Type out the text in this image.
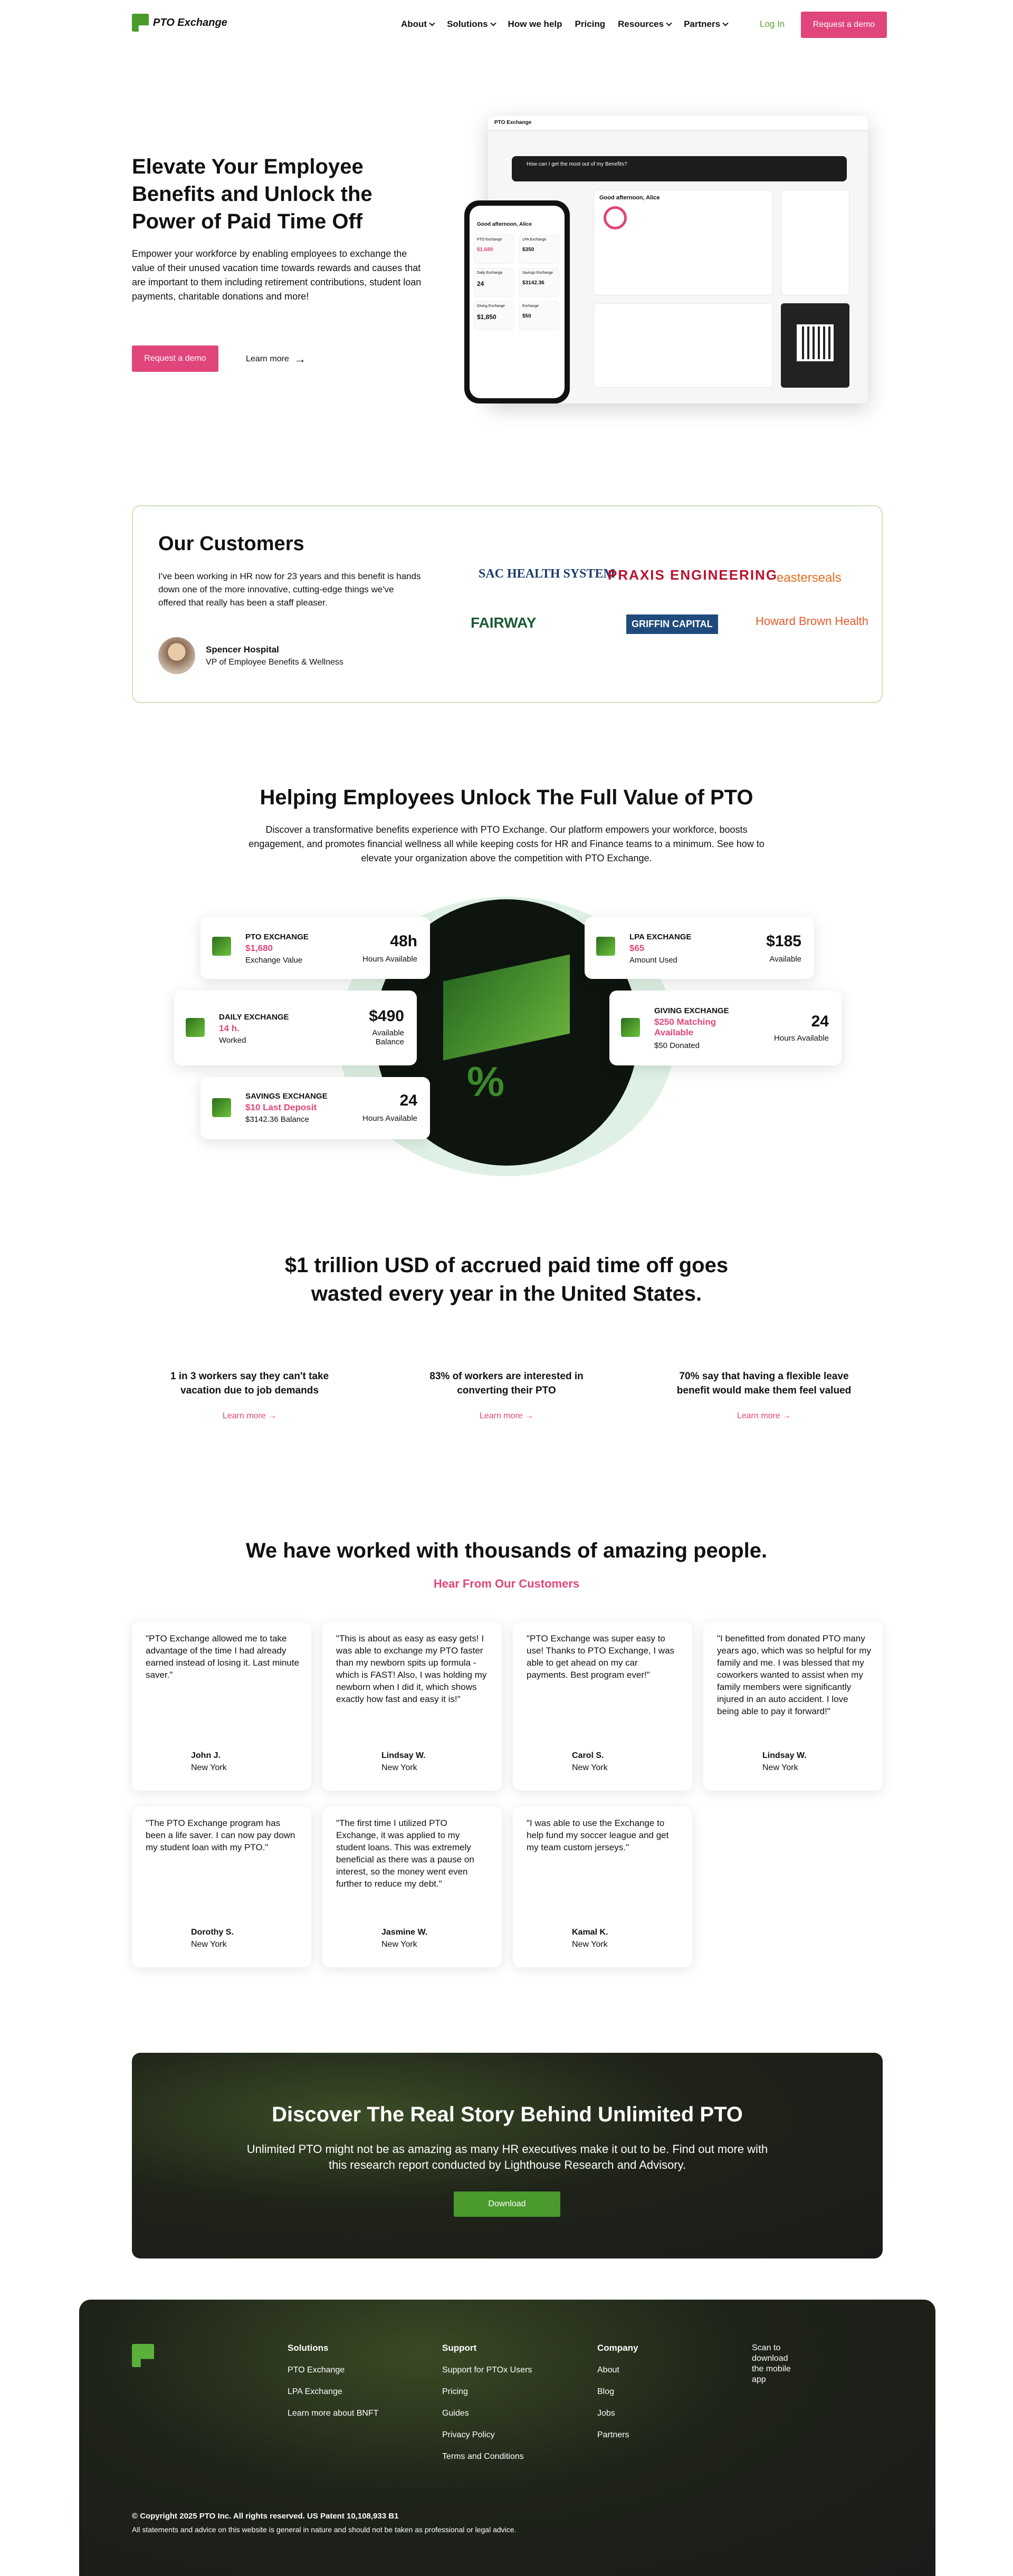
PTO Exchange	About Solutions How we help Pricing Resources Partners	Log In	Request a demo
Elevate Your Employee Benefits and Unlock the Power of Paid Time Off
Empower your workforce by enabling employees to exchange the value of their unused vacation time towards rewards and causes that are important to them including retirement contributions, student loan payments, charitable donations and more!
Request a demo	Learn more →
PTO Exchange
How can I get the most out of my Benefits?
Good afternoon, Alice
Good afternoon, Alice
PTO Exchange
$1,680
LPA Exchange
$350
Daily Exchange
24
Savings Exchange
$3142.36
Giving Exchange
$1,850
Exchange
$50
Our Customers
I've been working in HR now for 23 years and this benefit is hands down one of the more innovative, cutting-edge things we've offered that really has been a staff pleaser.
Spencer Hospital
VP of Employee Benefits & Wellness
SAC HEALTH SYSTEM
PRAXIS ENGINEERING
easterseals
FAIRWAY	GRIFFIN CAPITAL	Howard Brown Health
Helping Employees Unlock The Full Value of PTO
Discover a transformative benefits experience with PTO Exchange. Our platform empowers your workforce, boosts engagement, and promotes financial wellness all while keeping costs for HR and Finance teams to a minimum. See how to elevate your organization above the competition with PTO Exchange.
%
PTO EXCHANGE
$1,680
Exchange Value
48h
Hours Available
LPA EXCHANGE
$65
Amount Used
$185
Available
DAILY EXCHANGE
14 h.
Worked
$490
Available Balance
GIVING EXCHANGE
$250 Matching Available
$50 Donated
24
Hours Available
SAVINGS EXCHANGE
$10 Last Deposit
$3142.36 Balance
24
Hours Available
$1 trillion USD of accrued paid time off goes wasted every year in the United States.
1 in 3 workers say they can't take vacation due to job demands
Learn more →
83% of workers are interested in converting their PTO
Learn more →
70% say that having a flexible leave benefit would make them feel valued
Learn more →
We have worked with thousands of amazing people.
Hear From Our Customers
"PTO Exchange allowed me to take advantage of the time I had already earned instead of losing it. Last minute saver."
John J.
New York
"This is about as easy as easy gets! I was able to exchange my PTO faster than my newborn spits up formula - which is FAST! Also, I was holding my newborn when I did it, which shows exactly how fast and easy it is!"
Lindsay W.
New York
"PTO Exchange was super easy to use! Thanks to PTO Exchange, I was able to get ahead on my car payments. Best program ever!"
Carol S.
New York
"I benefitted from donated PTO many years ago, which was so helpful for my family and me. I was blessed that my coworkers wanted to assist when my family members were significantly injured in an auto accident. I love being able to pay it forward!"
Lindsay W.
New York
"The PTO Exchange program has been a life saver. I can now pay down my student loan with my PTO."
Dorothy S.
New York
"The first time I utilized PTO Exchange, it was applied to my student loans. This was extremely beneficial as there was a pause on interest, so the money went even further to reduce my debt."
Jasmine W.
New York
"I was able to use the Exchange to help fund my soccer league and get my team custom jerseys."
Kamal K.
New York
Discover The Real Story Behind Unlimited PTO
Unlimited PTO might not be as amazing as many HR executives make it out to be. Find out more with this research report conducted by Lighthouse Research and Advisory.
Download
Solutions
PTO Exchange
LPA Exchange
Learn more about BNFT
Support
Support for PTOx Users
Pricing
Guides
Privacy Policy
Terms and Conditions
Company
About
Blog
Jobs
Partners
Scan to download the mobile app
© Copyright 2025 PTO Inc. All rights reserved. US Patent 10,108,933 B1
All statements and advice on this website is general in nature and should not be taken as professional or legal advice.
